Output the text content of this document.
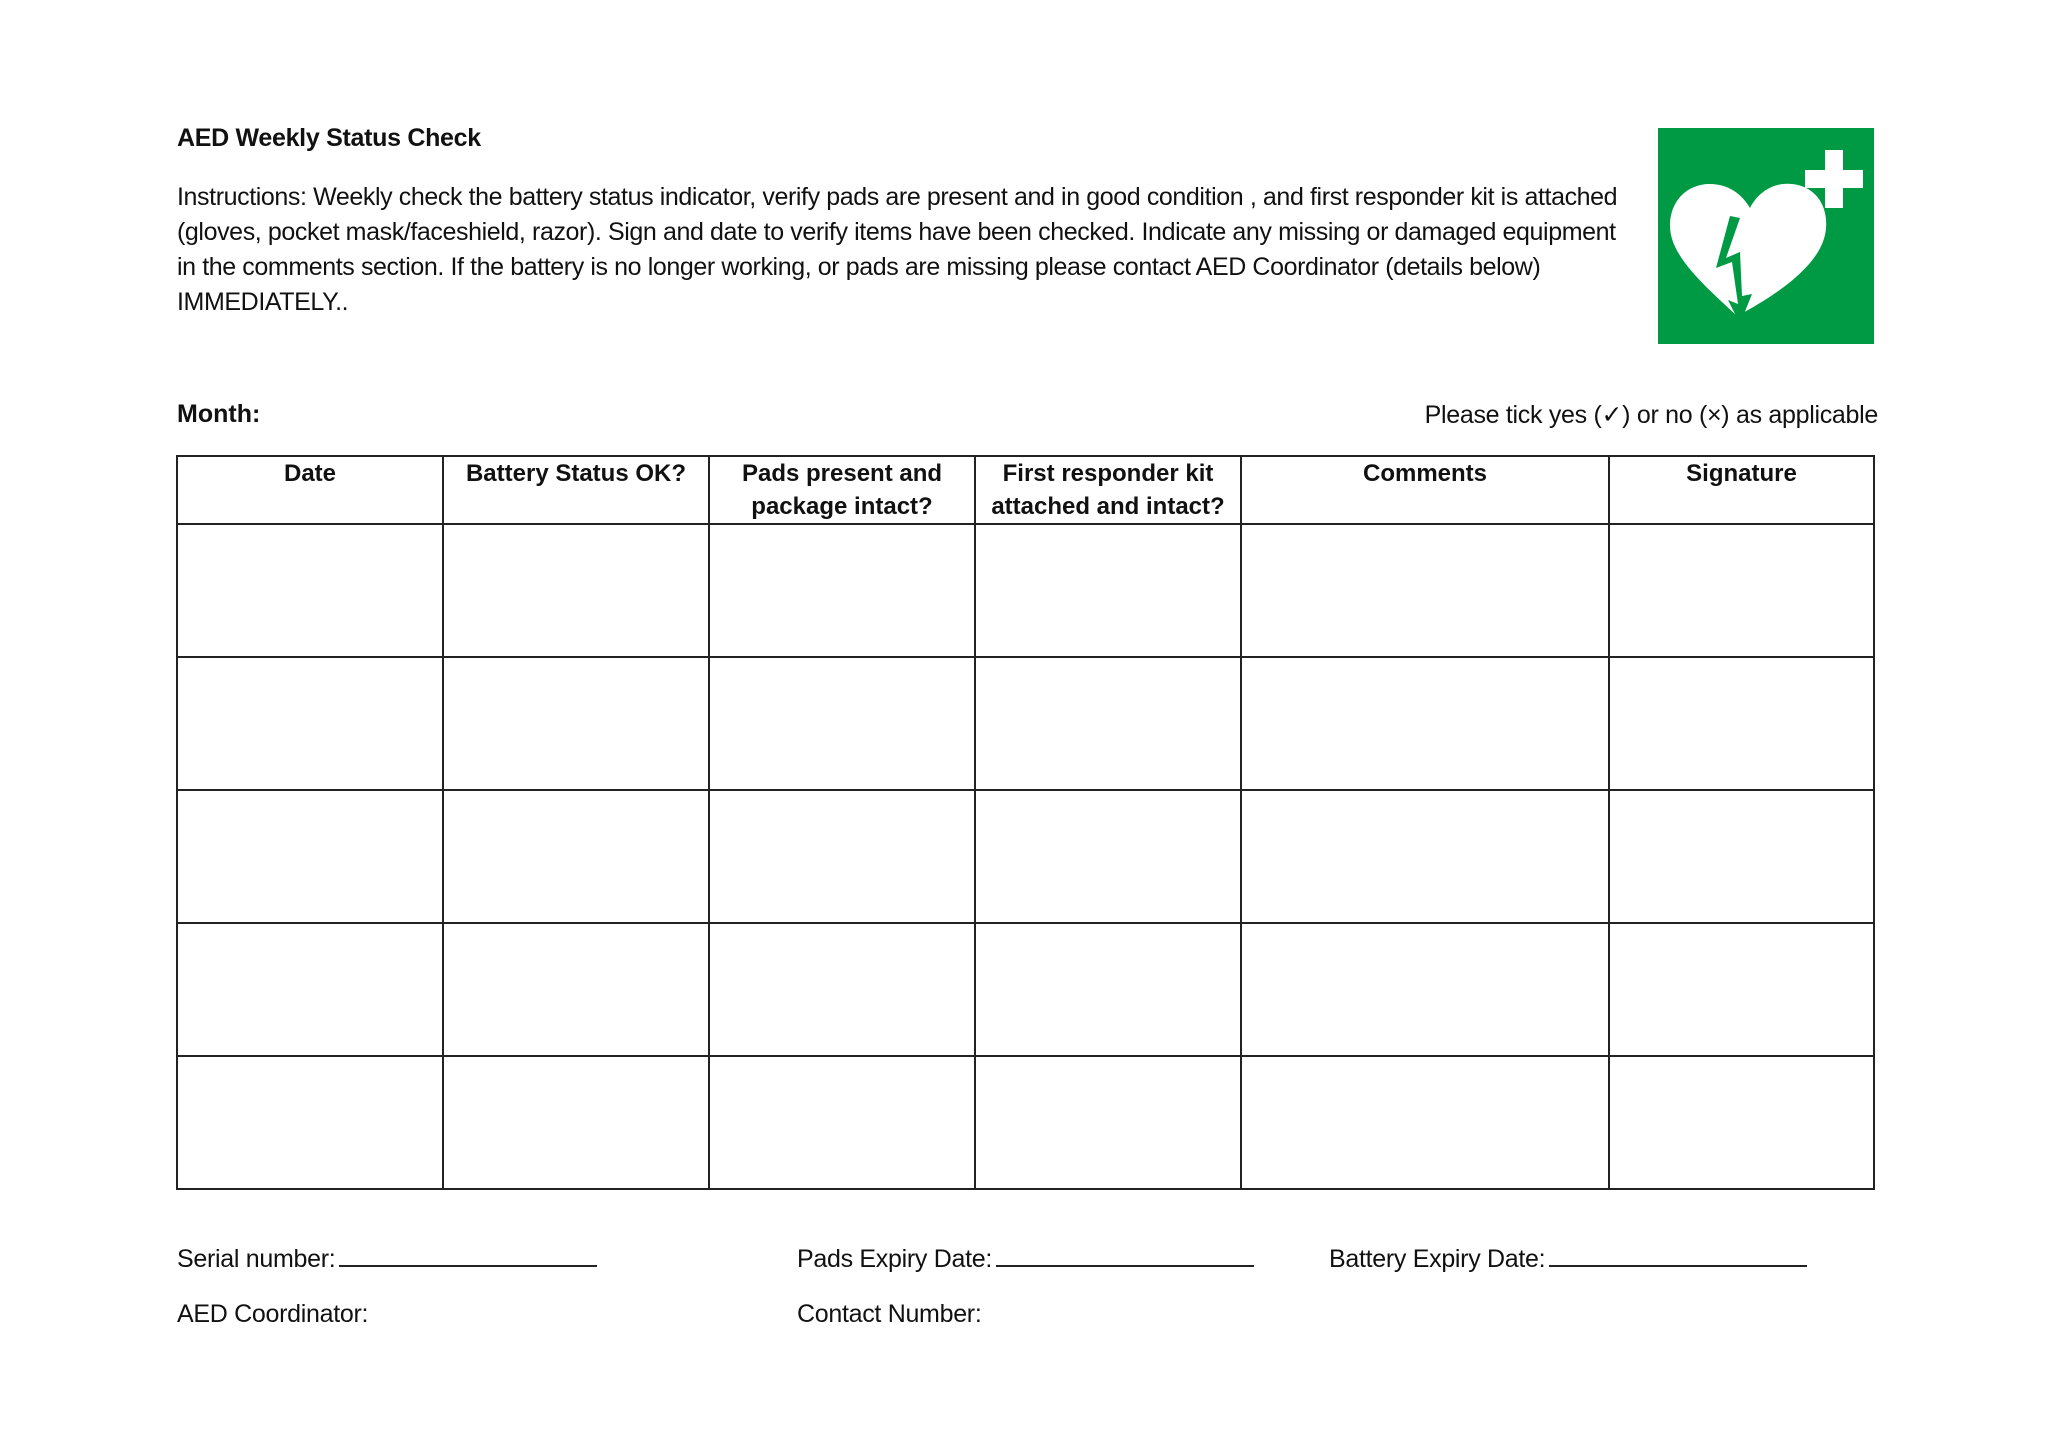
AED Weekly Status Check

Instructions: Weekly check the battery status indicator, verify pads are present and in good condition , and first responder kit is attached (gloves, pocket mask/faceshield, razor). Sign and date to verify items have been checked. Indicate any missing or damaged equipment in the comments section. If the battery is no longer working, or pads are missing please contact AED Coordinator (details below) IMMEDIATELY..

Month:	Please tick yes (✓) or no (×) as applicable
Date	Battery Status OK?	Pads present and package intact?	First responder kit attached and intact?	Comments	Signature

Serial number:	Pads Expiry Date:	Battery Expiry Date:
AED Coordinator:	Contact Number:
